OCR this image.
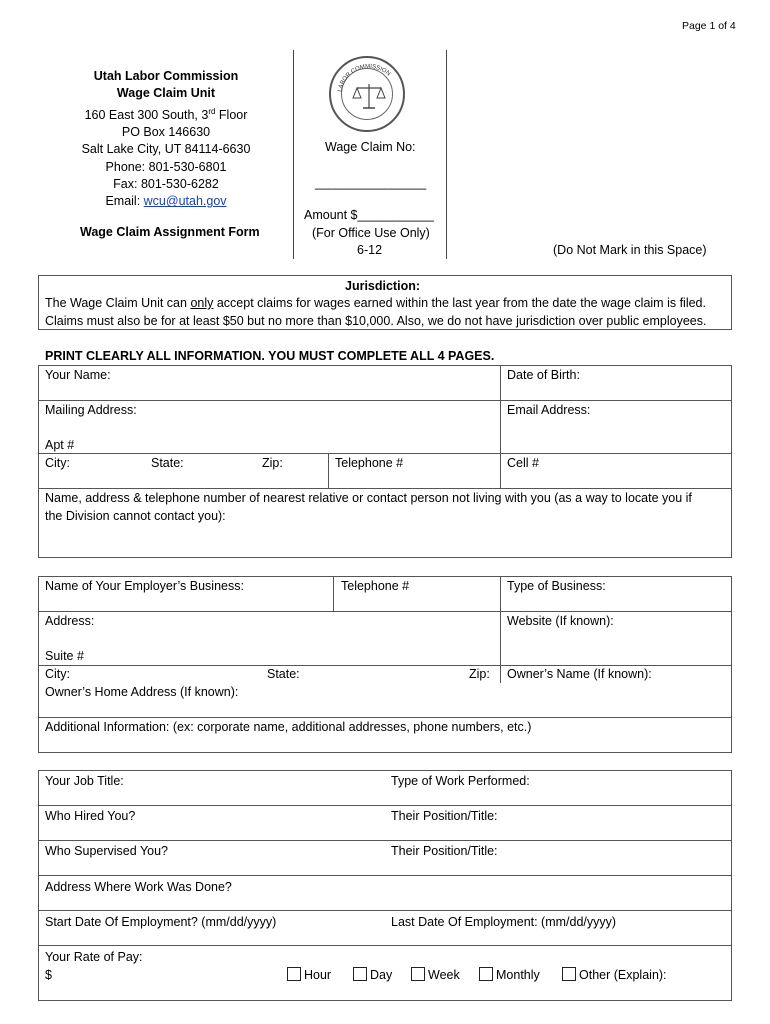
Page 1 of 4
Utah Labor Commission
Wage Claim Unit
160 East 300 South, 3rd Floor
PO Box 146630
Salt Lake City, UT 84114-6630
Phone: 801-530-6801
Fax: 801-530-6282
Email: wcu@utah.gov
Wage Claim Assignment Form
LABOR COMMISSION
Wage Claim No:
________________
Amount $___________
(For Office Use Only)
6-12	(Do Not Mark in this Space)
Jurisdiction:
The Wage Claim Unit can only accept claims for wages earned within the last year from the date the wage claim is filed.
Claims must also be for at least $50 but no more than $10,000. Also, we do not have jurisdiction over public employees.
PRINT CLEARLY ALL INFORMATION. YOU MUST COMPLETE ALL 4 PAGES.
Your Name:	Date of Birth:
Mailing Address:	Email Address:
Apt #
City:	State:	Zip:	Telephone #	Cell #
Name, address & telephone number of nearest relative or contact person not living with you (as a way to locate you if
the Division cannot contact you):
Name of Your Employer’s Business:	Telephone #	Type of Business:
Address:	Website (If known):
Suite #
City:	State:	Zip: Owner’s Name (If known):
Owner’s Home Address (If known):
Additional Information: (ex: corporate name, additional addresses, phone numbers, etc.)
Your Job Title:	Type of Work Performed:
Who Hired You?	Their Position/Title:
Who Supervised You?	Their Position/Title:
Address Where Work Was Done?
Start Date Of Employment? (mm/dd/yyyy)	Last Date Of Employment: (mm/dd/yyyy)
Your Rate of Pay:
$	Hour	Day	Week	Monthly	Other (Explain):
